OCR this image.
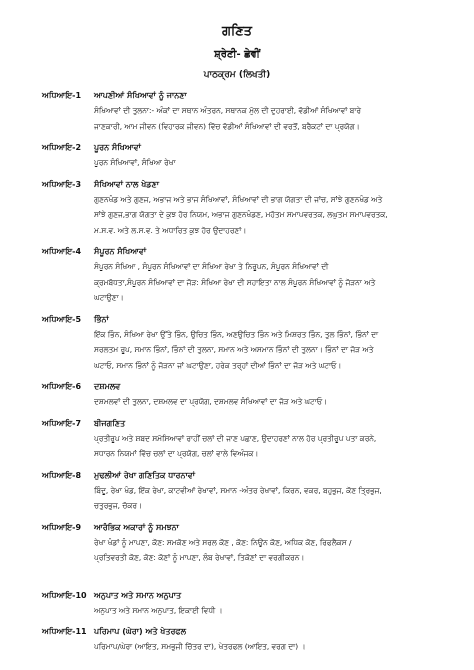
ਗਣਿਤ
ਸ਼੍ਰੇਣੀ- ਛੇਵੀਂ
ਪਾਠਕ੍ਰਮ (ਲਿਖਤੀ)
ਅਧਿਆਇ-1	ਆਪਣੀਆਂ ਸੰਖਿਆਵਾਂ ਨੂੰ ਜਾਨਣਾ
ਸੰਖਿਆਵਾਂ ਦੀ ਤੁਲਨਾ:- ਅੰਕਾਂ ਦਾ ਸਥਾਨ ਅੰਤਰਨ, ਸਥਾਨਕ ਮੁੱਲ ਦੀ ਦੁਹਰਾਈ, ਵੱਡੀਆਂ ਸੰਖਿਆਵਾਂ ਬਾਰੇ
ਜਾਣਕਾਰੀ, ਆਮ ਜੀਵਨ (ਵਿਹਾਰਕ ਜੀਵਨ) ਵਿੱਚ ਵੱਡੀਆਂ ਸੰਖਿਆਵਾਂ ਦੀ ਵਰਤੋਂ, ਬਰੈਕਟਾਂ ਦਾ ਪ੍ਰਯੋਗ।
ਅਧਿਆਇ-2	ਪੂਰਨ ਸੰਖਿਆਵਾਂ
ਪੂਰਨ ਸੰਖਿਆਵਾਂ, ਸੰਖਿਆ ਰੇਖਾ
ਅਧਿਆਇ-3	ਸੰਖਿਆਵਾਂ ਨਾਲ ਖੇਡਣਾ
ਗੁਣਨਖੰਡ ਅਤੇ ਗੁਣਜ, ਅਭਾਜ ਅਤੇ ਭਾਜ ਸੰਖਿਆਵਾਂ, ਸੰਖਿਆਵਾਂ ਦੀ ਭਾਗ ਯੋਗਤਾ ਦੀ ਜਾਂਚ, ਸਾਂਝੇ ਗੁਣਨਖੰਡ ਅਤੇ
ਸਾਂਝੇ ਗੁਣਜ,ਭਾਗ ਯੋਗਤਾ ਦੇ ਕੁਝ ਹੋਰ ਨਿਯਮ, ਅਭਾਜ ਗੁਣਨਖੰਡਣ, ਮਹੱਤਮ ਸਮਾਪਵਰਤਕ, ਲਘੁਤਮ ਸਮਾਪਵਰਤਕ,
ਮ.ਸ.ਵ. ਅਤੇ ਲ.ਸ.ਵ. ਤੇ ਅਧਾਰਿਤ ਕੁਝ ਹੋਰ ਉਦਾਹਰਣਾਂ।
ਅਧਿਆਇ-4	ਸੰਪੂਰਨ ਸੰਖਿਆਵਾਂ
ਸੰਪੂਰਨ ਸੰਖਿਆ , ਸੰਪੂਰਨ ਸੰਖਿਆਵਾਂ ਦਾ ਸੰਖਿਆ ਰੇਖਾ ਤੇ ਨਿਰੂਪਨ, ਸੰਪੂਰਨ ਸੰਖਿਆਵਾਂ ਦੀ
ਕ੍ਰਮਬੱਧਤਾ,ਸੰਪੂਰਨ ਸੰਖਿਆਵਾਂ ਦਾ ਜੋੜ: ਸੰਖਿਆ ਰੇਖਾ ਦੀ ਸਹਾਇਤਾ ਨਾਲ ਸੰਪੂਰਨ ਸੰਖਿਆਵਾਂ ਨੂੰ ਜੋੜਨਾ ਅਤੇ
ਘਟਾਉਣਾ।
ਅਧਿਆਇ-5	ਭਿੰਨਾਂ
ਇੱਕ ਭਿੰਨ, ਸੰਖਿਆ ਰੇਖਾ ਉੱਤੇ ਭਿੰਨ, ਉਚਿਤ ਭਿੰਨ, ਅਣਉਚਿਤ ਭਿੰਨ ਅਤੇ ਮਿਸ਼ਰਤ ਭਿੰਨ, ਤੁਲ ਭਿੰਨਾਂ, ਭਿੰਨਾਂ ਦਾ
ਸਰਲਤਮ ਰੂਪ, ਸਮਾਨ ਭਿੰਨਾਂ, ਭਿੰਨਾਂ ਦੀ ਤੁਲਨਾ, ਸਮਾਨ ਅਤੇ ਅਸਮਾਨ ਭਿੰਨਾਂ ਦੀ ਤੁਲਨਾ। ਭਿੰਨਾਂ ਦਾ ਜੋੜ ਅਤੇ
ਘਟਾਓ, ਸਮਾਨ ਭਿੰਨਾਂ ਨੂੰ ਜੋੜਨਾ ਜਾਂ ਘਟਾਉਣਾ, ਹਰੇਕ ਤਰ੍ਹਾਂ ਦੀਆਂ ਭਿੰਨਾਂ ਦਾ ਜੋੜ ਅਤੇ ਘਟਾਓ।
ਅਧਿਆਇ-6	ਦਸ਼ਮਲਵ
ਦਸ਼ਮਲਵਾਂ ਦੀ ਤੁਲਨਾ, ਦਸ਼ਮਲਵ ਦਾ ਪ੍ਰਯੋਗ, ਦਸ਼ਮਲਵ ਸੰਖਿਆਵਾਂ ਦਾ ਜੋੜ ਅਤੇ ਘਟਾਓ।
ਅਧਿਆਇ-7	ਬੀਜਗਣਿਤ
ਪ੍ਰਤੀਰੂਪ ਅਤੇ ਸ਼ਬਦ ਸਮੱਸਿਆਵਾਂ ਰਾਹੀਂ ਚਲਾਂ ਦੀ ਜਾਣ ਪਛਾਣ, ਉਦਾਹਰਣਾਂ ਨਾਲ ਹੋਰ ਪ੍ਰਤੀਰੂਪ ਪਤਾ ਕਰਨੇ,
ਸਧਾਰਨ ਨਿਯਮਾਂ ਵਿੱਚ ਚਲਾਂ ਦਾ ਪ੍ਰਯੋਗ, ਚਲਾਂ ਵਾਲੇ ਵਿਅੰਜਕ।
ਅਧਿਆਇ-8	ਮੁਢਲੀਆਂ ਰੇਖਾ ਗਣਿਤਿਕ ਧਾਰਨਾਵਾਂ
ਬਿੰਦੂ, ਰੇਖਾ ਖੰਡ, ਇੱਕ ਰੇਖਾ, ਕਾਟਵੀਆਂ ਰੇਖਾਵਾਂ, ਸਮਾਨ -ਅੰਤਰ ਰੇਖਾਵਾਂ, ਕਿਰਨ, ਵਕਰ, ਬਹੁਭੁਜ, ਕੋਣ ਤ੍ਰਿਭੁਜ,
ਚਤੁਰਭੁਜ, ਚੱਕਰ।
ਅਧਿਆਇ-9	ਆਰੰਭਿਕ ਅਕਾਰਾਂ ਨੂੰ ਸਮਝਨਾ
ਰੇਖਾ ਖੰਡਾਂ ਨੂੰ ਮਾਪਣਾ, ਕੋਣ: ਸਮਕੋਣ ਅਤੇ ਸਰਲ ਕੋਣ , ਕੋਣ: ਨਿਊਨ ਕੋਣ, ਅਧਿਕ ਕੋਣ, ਰਿਫਲੈਕਸ /
ਪ੍ਰਤਿਵਰਤੀ ਕੋਣ, ਕੋਣ: ਕੋਣਾਂ ਨੂੰ ਮਾਪਣਾ, ਲੰਬ ਰੇਖਾਵਾਂ, ਤਿਕੋਣਾਂ ਦਾ ਵਰਗੀਕਰਨ।
ਅਧਿਆਇ-10 ਅਨੁਪਾਤ ਅਤੇ ਸਮਾਨ ਅਨੁਪਾਤ
ਅਨੁਪਾਤ ਅਤੇ ਸਮਾਨ ਅਨੁਪਾਤ, ਇਕਾਈ ਵਿਧੀ ।
ਅਧਿਆਇ-11 ਪਰਿਮਾਪ (ਘੇਰਾ) ਅਤੇ ਖੇਤਰਫਲ
ਪਰਿਮਾਪ/ਘੇਰਾ (ਆਇਤ, ਸਮਭੁਜੀ ਚਿੱਤਰ ਦਾ), ਖੇਤਰਫਲ (ਆਇਤ, ਵਰਗ ਦਾ) ।
